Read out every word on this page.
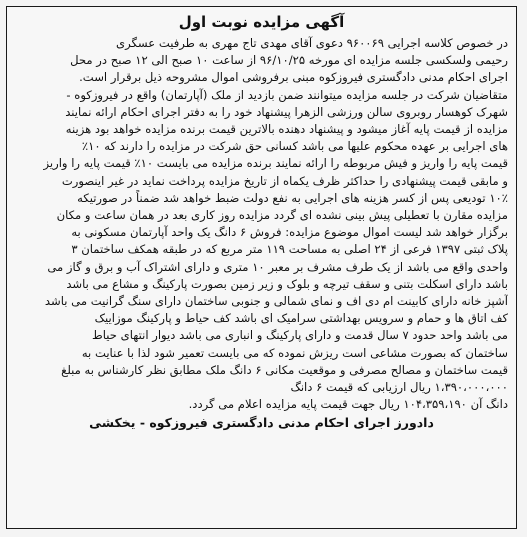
آگهی مزایده نوبت اول
در خصوص کلاسه اجرایی ۹۶۰۰۶۹ دعوی آقای مهدی تاج مهری به طرفیت عسگری
رحیمی ولسکسی جلسه مزایده ای مورخه ۹۶/۱۰/۲۵ از ساعت ۱۰ صبح الی ۱۲ صبح در محل
اجرای احکام مدنی دادگستری فیروزکوه مبنی برفروشی اموال مشروحه ذیل برقرار است.
متقاضیان شرکت در جلسه مزایده میتوانند ضمن بازدید از ملک (آپارتمان) واقع در فیروزکوه -
شهرک کوهسار روبروی سالن ورزشی الزهرا پیشنهاد خود را به دفتر اجرای احکام ارائه نمایند
مزایده از قیمت پایه آغاز میشود و پیشنهاد دهنده بالاترین قیمت برنده مزایده خواهد بود هزینه
های اجرایی بر عهده محکوم علیها می باشد کسانی حق شرکت در مزایده را دارند که ۱۰٪
قیمت پایه را واریز و فیش مربوطه را ارائه نمایند برنده مزایده می بایست ۱۰٪ قیمت پایه را واریز
و مابقی قیمت پیشنهادی را حداکثر ظرف یکماه از تاریخ مزایده پرداخت نماید در غیر اینصورت
۱۰٪ تودیعی پس از کسر هزینه های اجرایی به نفع دولت ضبط خواهد شد ضمناً در صورتیکه
مزایده مقارن با تعطیلی پیش بینی نشده ای گردد مزایده روز کاری بعد در همان ساعت و مکان
برگزار خواهد شد لیست اموال موضوع مزایده: فروش ۶ دانگ یک واحد آپارتمان مسکونی به
پلاک ثبتی ۱۳۹۷ فرعی از ۲۴ اصلی به مساحت ۱۱۹ متر مربع که در طبقه همکف ساختمان ۳
واحدی واقع می باشد از یک طرف مشرف بر معبر ۱۰ متری و دارای اشتراک آب و برق و گاز می
باشد دارای اسکلت بتنی و سقف تیرچه و بلوک و زیر زمین بصورت پارکینگ و مشاع می باشد
آشپز خانه دارای کابینت ام دی اف و نمای شمالی و جنوبی ساختمان دارای سنگ گرانیت می باشد
کف اتاق ها و حمام و سرویس بهداشتی سرامیک ای باشد کف حیاط و پارکینگ موزاییک
می باشد واحد حدود ۷ سال قدمت و دارای پارکینگ و انباری می باشد دیوار انتهای حیاط
ساختمان که بصورت مشاعی است ریزش نموده که می بایست تعمیر شود لذا با عنایت به
قیمت ساختمان و مصالح مصرفی و موقعیت مکانی ۶ دانگ ملک مطابق نظر کارشناس به مبلغ
۱،۳۹۰،۰۰۰،۰۰۰ ریال ارزیابی که قیمت ۶ دانگ
دانگ آن ۱۰۴،۳۵۹،۱۹۰ ریال جهت قیمت پایه مزایده اعلام می گردد.
دادورز اجرای احکام مدنی دادگستری فیروزکوه - یخکشی
